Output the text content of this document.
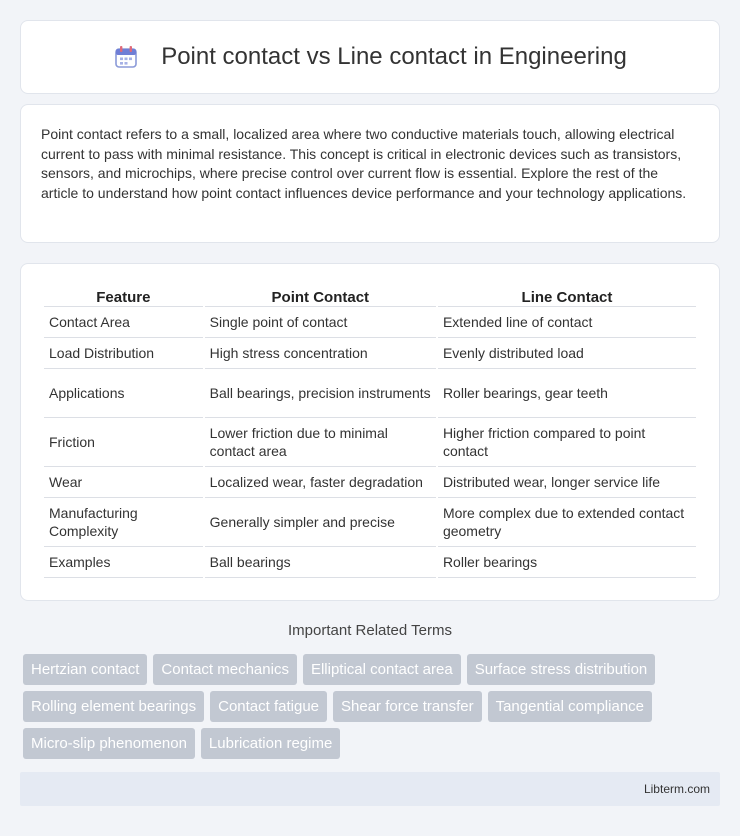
Point contact vs Line contact in Engineering

Point contact refers to a small, localized area where two conductive materials touch, allowing electrical current to pass with minimal resistance. This concept is critical in electronic devices such as transistors, sensors, and microchips, where precise control over current flow is essential. Explore the rest of the article to understand how point contact influences device performance and your technology applications.

Feature	Point Contact	Line Contact
Contact Area	Single point of contact	Extended line of contact
Load Distribution	High stress concentration	Evenly distributed load
Applications	Ball bearings, precision instruments	Roller bearings, gear teeth
Friction	Lower friction due to minimal contact area	Higher friction compared to point contact
Wear	Localized wear, faster degradation	Distributed wear, longer service life
Manufacturing Complexity	Generally simpler and precise	More complex due to extended contact geometry
Examples	Ball bearings	Roller bearings
Important Related Terms
Hertzian contact	Contact mechanics	Elliptical contact area	Surface stress distribution
Rolling element bearings	Contact fatigue	Shear force transfer	Tangential compliance
Micro-slip phenomenon	Lubrication regime
Libterm.com
